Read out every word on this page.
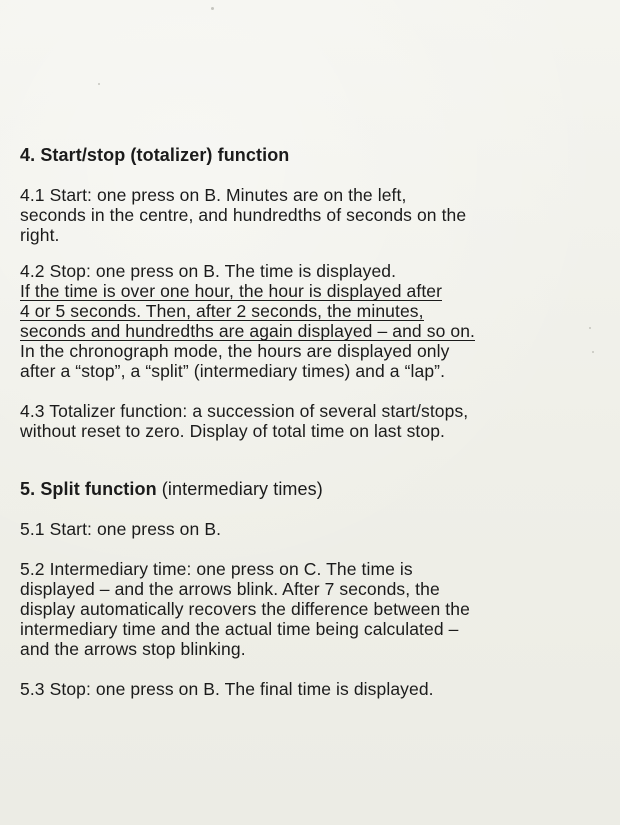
4. Start/stop (totalizer) function

4.1 Start: one press on B. Minutes are on the left,
seconds in the centre, and hundredths of seconds on the
right.

4.2 Stop: one press on B. The time is displayed.
If the time is over one hour, the hour is displayed after
4 or 5 seconds. Then, after 2 seconds, the minutes,
seconds and hundredths are again displayed – and so on.
In the chronograph mode, the hours are displayed only
after a “stop”, a “split” (intermediary times) and a “lap”.

4.3 Totalizer function: a succession of several start/stops,
without reset to zero. Display of total time on last stop.

5. Split function (intermediary times)

5.1 Start: one press on B.

5.2 Intermediary time: one press on C. The time is
displayed – and the arrows blink. After 7 seconds, the
display automatically recovers the difference between the
intermediary time and the actual time being calculated –
and the arrows stop blinking.

5.3 Stop: one press on B. The final time is displayed.
